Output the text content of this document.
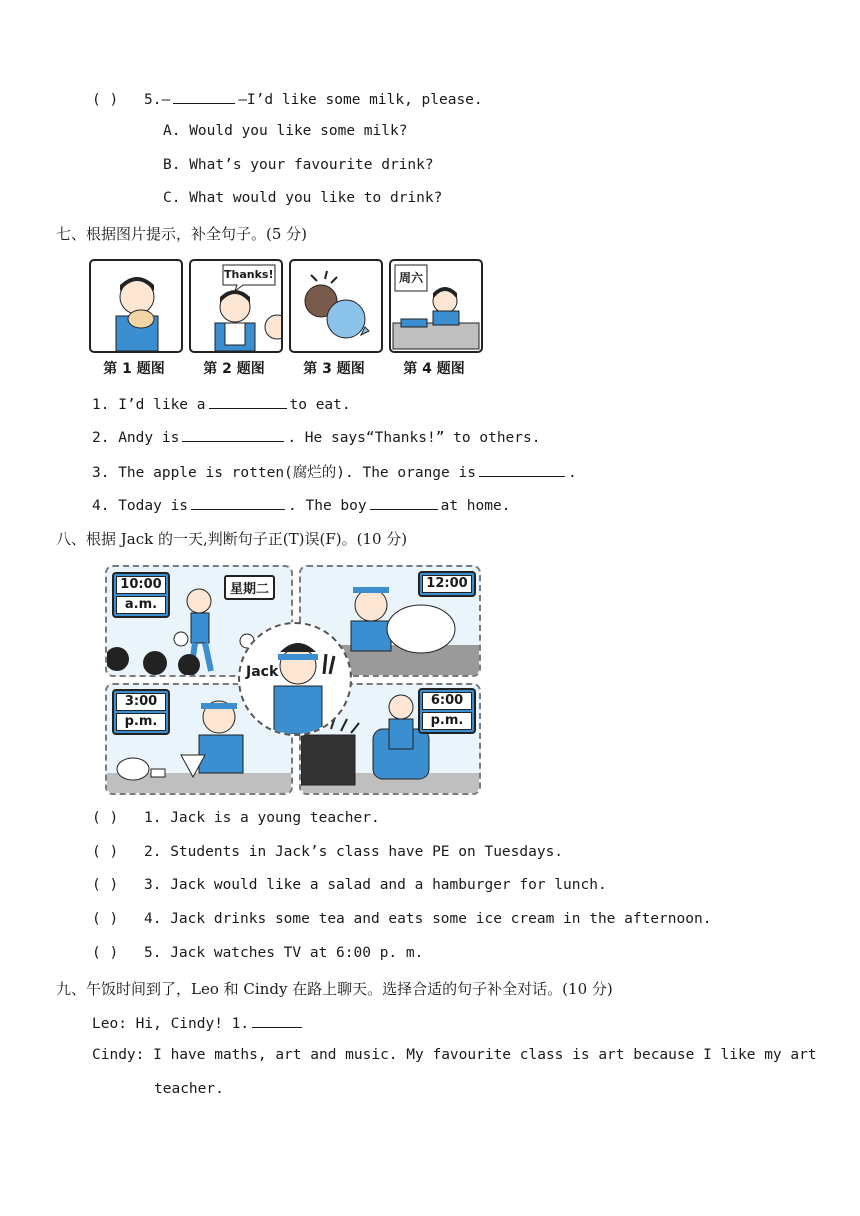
( ) 5.—	—I’d like some milk, please.
A. Would you like some milk?
B. What’s your favourite drink?
C. What would you like to drink?
七、根据图片提示，补全句子。(5 分)
Thanks!	周六
第 1 题图	第 2 题图	第 3 题图	第 4 题图
1. I’d like a	to eat.
2. Andy is	. He says“Thanks!” to others.
3. The apple is rotten(腐烂的). The orange is	.
4. Today is	. The boy	at home.
八、根据 Jack 的一天,判断句子正(T)误(F)。(10 分)
10:00
a.m.
星期二	12:00
3:00
p.m.
6:00
p.m.
Jack
( ) 1. Jack is a young teacher.
( ) 2. Students in Jack’s class have PE on Tuesdays.
( ) 3. Jack would like a salad and a hamburger for lunch.
( ) 4. Jack drinks some tea and eats some ice cream in the afternoon.
( ) 5. Jack watches TV at 6:00 p. m.
九、午饭时间到了，Leo 和 Cindy 在路上聊天。选择合适的句子补全对话。(10 分)
Leo: Hi, Cindy! 1.
Cindy: I have maths, art and music. My favourite class is art because I like my art
teacher.
